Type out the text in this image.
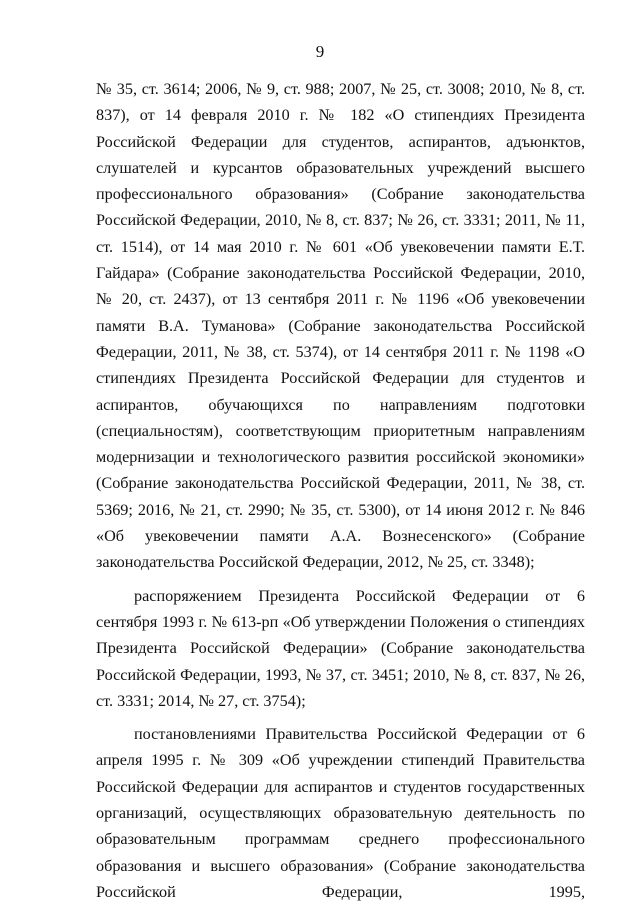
9

№ 35, ст. 3614; 2006, № 9, ст. 988; 2007, № 25, ст. 3008; 2010, № 8, ст. 837), от 14 февраля 2010 г. № 182 «О стипендиях Президента Российской Федерации для студентов, аспирантов, адъюнктов, слушателей и курсантов образовательных учреждений высшего профессионального образования» (Собрание законодательства Российской Федерации, 2010, № 8, ст. 837; № 26, ст. 3331; 2011, № 11, ст. 1514), от 14 мая 2010 г. № 601 «Об увековечении памяти Е.Т. Гайдара» (Собрание законодательства Российской Федерации, 2010, № 20, ст. 2437), от 13 сентября 2011 г. № 1196 «Об увековечении памяти В.А. Туманова» (Собрание законодательства Российской Федерации, 2011, № 38, ст. 5374), от 14 сентября 2011 г. № 1198 «О стипендиях Президента Российской Федерации для студентов и аспирантов, обучающихся по направлениям подготовки (специальностям), соответствующим приоритетным направлениям модернизации и технологического развития российской экономики» (Собрание законодательства Российской Федерации, 2011, № 38, ст. 5369; 2016, № 21, ст. 2990; № 35, ст. 5300), от 14 июня 2012 г. № 846 «Об увековечении памяти А.А. Вознесенского» (Собрание законодательства Российской Федерации, 2012, № 25, ст. 3348);

распоряжением Президента Российской Федерации от 6 сентября 1993 г. № 613-рп «Об утверждении Положения о стипендиях Президента Российской Федерации» (Собрание законодательства Российской Федерации, 1993, № 37, ст. 3451; 2010, № 8, ст. 837, № 26, ст. 3331; 2014, № 27, ст. 3754);

постановлениями Правительства Российской Федерации от 6 апреля 1995 г. № 309 «Об учреждении стипендий Правительства Российской Федерации для аспирантов и студентов государственных организаций, осуществляющих образовательную деятельность по образовательным программам среднего профессионального образования и высшего образования» (Собрание законодательства Российской Федерации, 1995,
